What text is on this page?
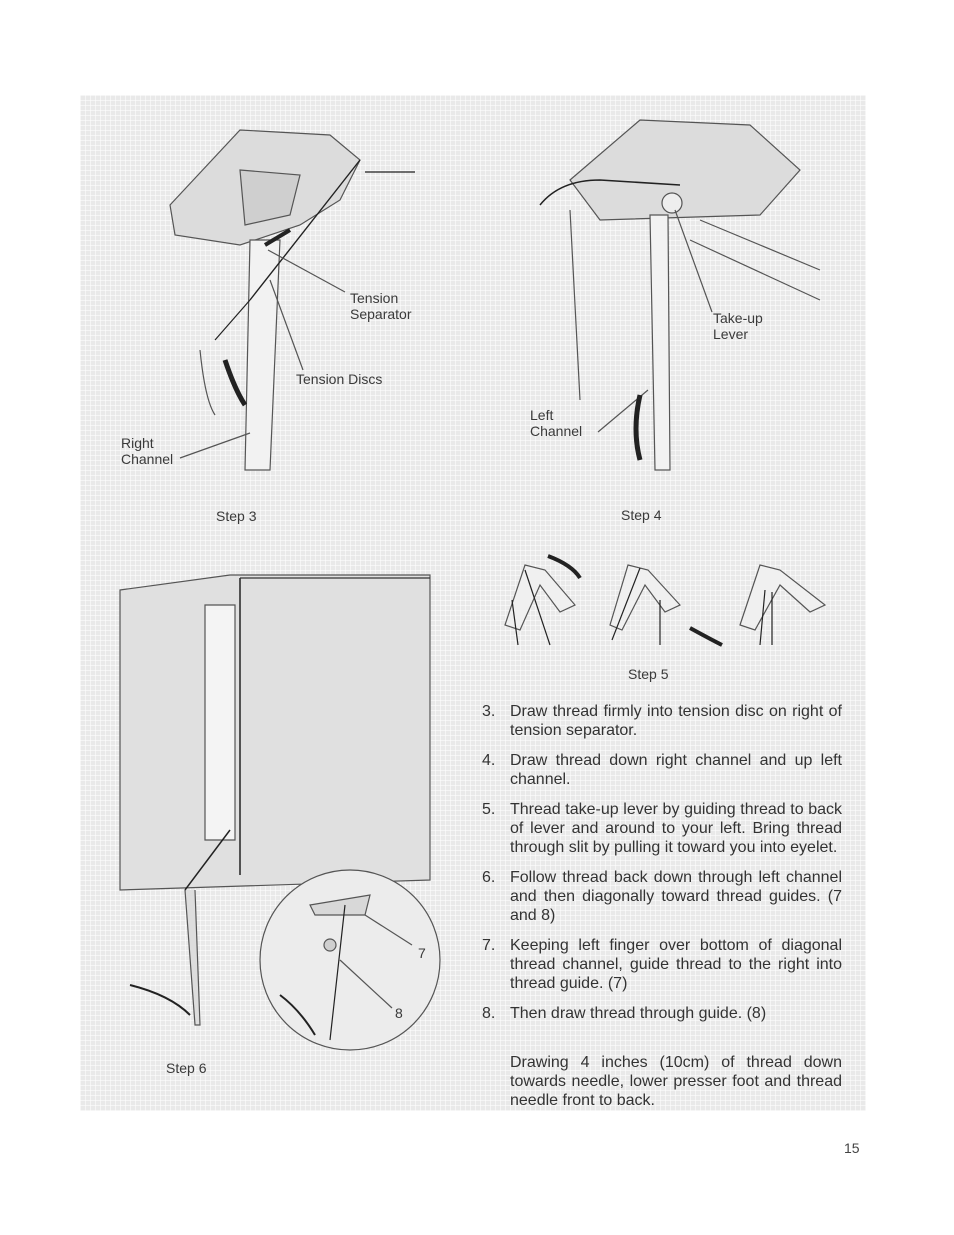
Tension
Separator
Tension Discs
Right
Channel
Step 3
Take-up
Lever
Left
Channel
Step 4
Step 5
7
8
Step 6
3. Draw thread firmly into tension disc on right of tension separator.
4. Draw thread down right channel and up left channel.
5. Thread take-up lever by guiding thread to back of lever and around to your left. Bring thread through slit by pulling it toward you into eyelet.
6. Follow thread back down through left channel and then diagonally toward thread guides. (7 and 8)
7. Keeping left finger over bottom of diagonal thread channel, guide thread to the right into thread guide. (7)
8. Then draw thread through guide. (8)
Drawing 4 inches (10cm) of thread down towards needle, lower presser foot and thread needle front to back.
15
